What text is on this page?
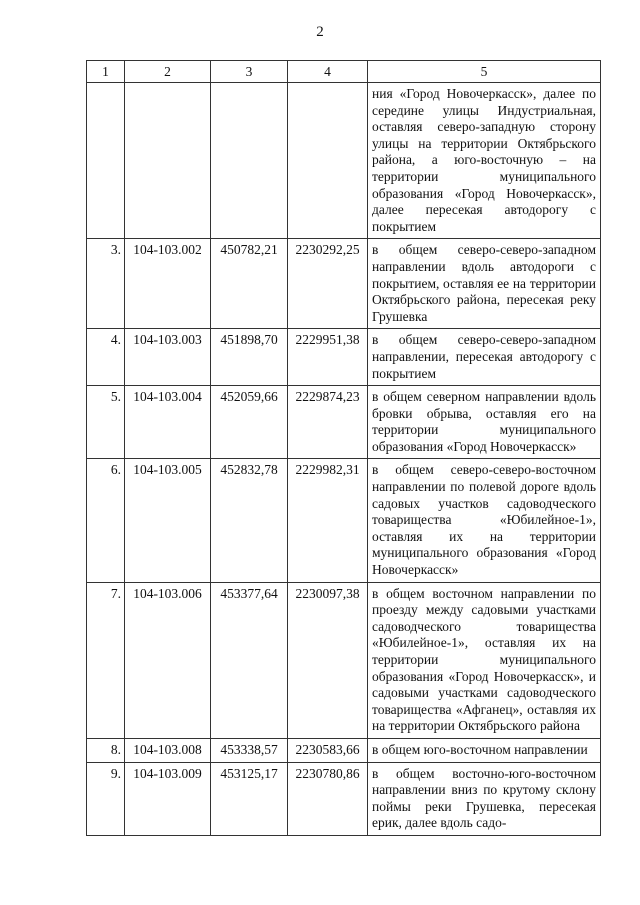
2
1	2	3	4	5
				ния «Город Новочеркасск», далее по середине улицы Индустриальная, оставляя северо-западную сторону улицы на территории Октябрьского района, а юго-восточную – на территории муниципального образования «Город Новочеркасск», далее пересекая автодорогу с покрытием
3.	104-103.002	450782,21	2230292,25	в общем северо-северо-западном направлении вдоль автодороги с покрытием, оставляя ее на территории Октябрьского района, пересекая реку Грушевка
4.	104-103.003	451898,70	2229951,38	в общем северо-северо-западном направлении, пересекая автодорогу с покрытием
5.	104-103.004	452059,66	2229874,23	в общем северном направлении вдоль бровки обрыва, оставляя его на территории муниципального образования «Город Новочеркасск»
6.	104-103.005	452832,78	2229982,31	в общем северо-северо-восточном направлении по полевой дороге вдоль садовых участков садоводческого товарищества «Юбилейное-1», оставляя их на территории муниципального образования «Город Новочеркасск»
7.	104-103.006	453377,64	2230097,38	в общем восточном направлении по проезду между садовыми участками садоводческого товарищества «Юбилейное-1», оставляя их на территории муниципального образования «Город Новочеркасск», и садовыми участками садоводческого товарищества «Афганец», оставляя их на территории Октябрьского района
8.	104-103.008	453338,57	2230583,66	в общем юго-восточном направлении
9.	104-103.009	453125,17	2230780,86	в общем восточно-юго-восточном направлении вниз по крутому склону поймы реки Грушевка, пересекая ерик, далее вдоль садо-
